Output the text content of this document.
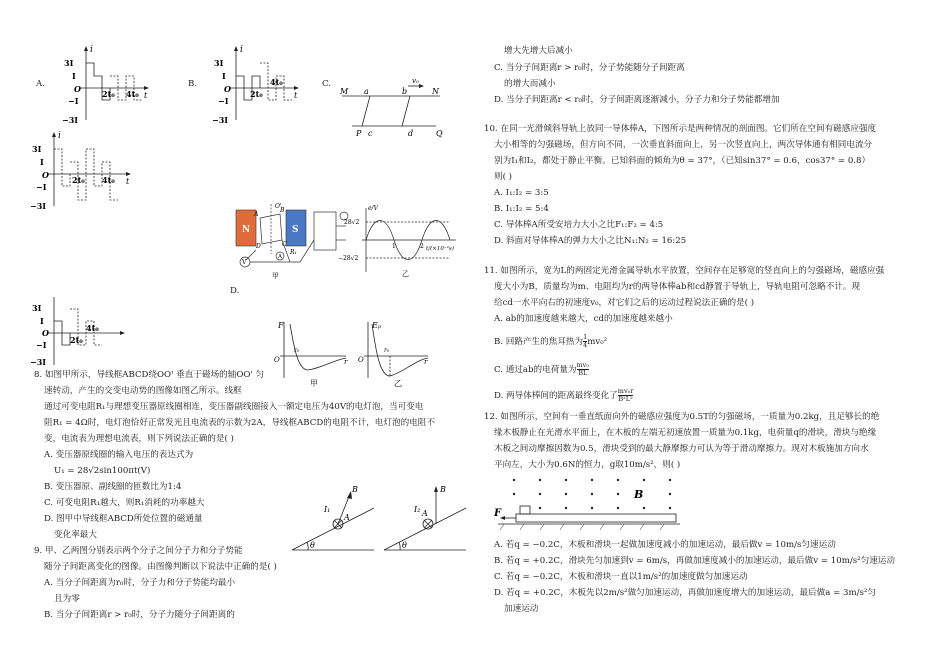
A.
i
t
3I
I
O
−I
−3I
2t₀ 4t₀
B.
i
t
3I
I
O
−I
−3I
2t₀
4t₀	C.
M	N
a	b
c	d
P	Q
v₀
i
t
3I
I
O
−I
−3I
2t₀ 4t₀
N	S
O'
A
B
C
D
V
A
R₁
甲
e/V
28√2
−28√2
1	2 t/(×10⁻²s)
乙
D.
3I
I
O
−I
−3I
2t₀
4t₀	F
O
r₀
r
甲
Eₚ
O
r₀
r
乙
8. 如图甲所示，导线框ABCD绕OO' 垂直于磁场的轴OO' 匀
速转动，产生的交变电动势的图像如图乙所示。线框
通过可变电阻R₁与理想变压器原线圈相连，变压器副线圈接入一额定电压为40V的电灯泡，当可变电
阻R₁ = 4Ω时，电灯泡恰好正常发光且电流表的示数为2A，导线框ABCD的电阻不计，电灯泡的电阻不
变，电流表为理想电流表，则下列说法正确的是( )
A. 变压器原线圈的输入电压的表达式为
U₁ = 28√2sin100πt(V)
B. 变压器原、副线圈的匝数比为1:4
C. 可变电阻R₁越大，则R₁消耗的功率越大
D. 图甲中导线框ABCD所处位置的磁通量
变化率最大
I₁
A
B
θ
I₂ A
B
θ
9. 甲、乙两图分别表示两个分子之间分子力和分子势能
随分子间距离变化的图像。由图像判断以下说法中正确的是( )
A. 当分子间距离为r₀时，分子力和分子势能均最小
且为零
B. 当分子间距离r > r₀时，分子力随分子间距离的
增大先增大后减小
C. 当分子间距离r > r₀时，分子势能随分子间距离
的增大而减小
D. 当分子间距离r < r₀时，分子间距离逐渐减小，分子力和分子势能都增加
10. 在同一光滑倾斜导轨上放同一导体棒A，下图所示是两种情况的剖面图。它们所在空间有磁感应强度
大小相等的匀强磁场，但方向不同，一次垂直斜面向上，另一次竖直向上，两次导体通有相同电流分
别为I₁和I₂，都处于静止平衡。已知斜面的倾角为θ = 37°，（已知sin37° = 0.6，cos37° = 0.8）
则( )
A. I₁:I₂ = 3:5
B. I₁:I₂ = 5:4
C. 导体棒A所受安培力大小之比F₁:F₂ = 4:5
D. 斜面对导体棒A的弹力大小之比N₁:N₂ = 16:25
11. 如图所示，宽为L的两固定光滑金属导轨水平放置，空间存在足够宽的竖直向上的匀强磁场，磁感应强
度大小为B，质量均为m、电阻均为r的两导体棒ab和cd静置于导轨上，导轨电阻可忽略不计。现
给cd一水平向右的初速度v₀，对它们之后的运动过程说法正确的是( )
A. ab的加速度越来越大，cd的加速度越来越小
B. 回路产生的焦耳热为 $\frac{1}{4} mv_0^2$
C. 通过ab的电荷量为 $\frac{\text{mv₀}}{BL}$
D. 两导体棒间的距离最终变化了 $\frac{\text{mv₀r}}{\text{B²L²}}$
12. 如图所示，空间有一垂直纸面向外的磁感应强度为0.5T的匀强磁场，一质量为0.2kg，且足够长的绝
缘木板静止在光滑水平面上，在木板的左端无初速放置一质量为0.1kg，电荷量q的滑块，滑块与绝缘
木板之间动摩擦因数为0.5，滑块受到的最大静摩擦力可认为等于滑动摩擦力。现对木板施加方向水
平向左，大小为0.6N的恒力，g取10m/s²，则( )
B
F
A. 若q = −0.2C，木板和滑块一起做加速度减小的加速运动，最后做v = 10m/s匀速运动
B. 若q = +0.2C，滑块先匀加速到v = 6m/s，再做加速度减小的加速运动，最后做v = 10m/s²匀速运动
C. 若q = −0.2C，木板和滑块一直以1m/s²的加速度做匀加速运动
D. 若q = +0.2C，木板先以2m/s²做匀加速运动，再做加速度增大的加速运动，最后做a = 3m/s²匀
加速运动
